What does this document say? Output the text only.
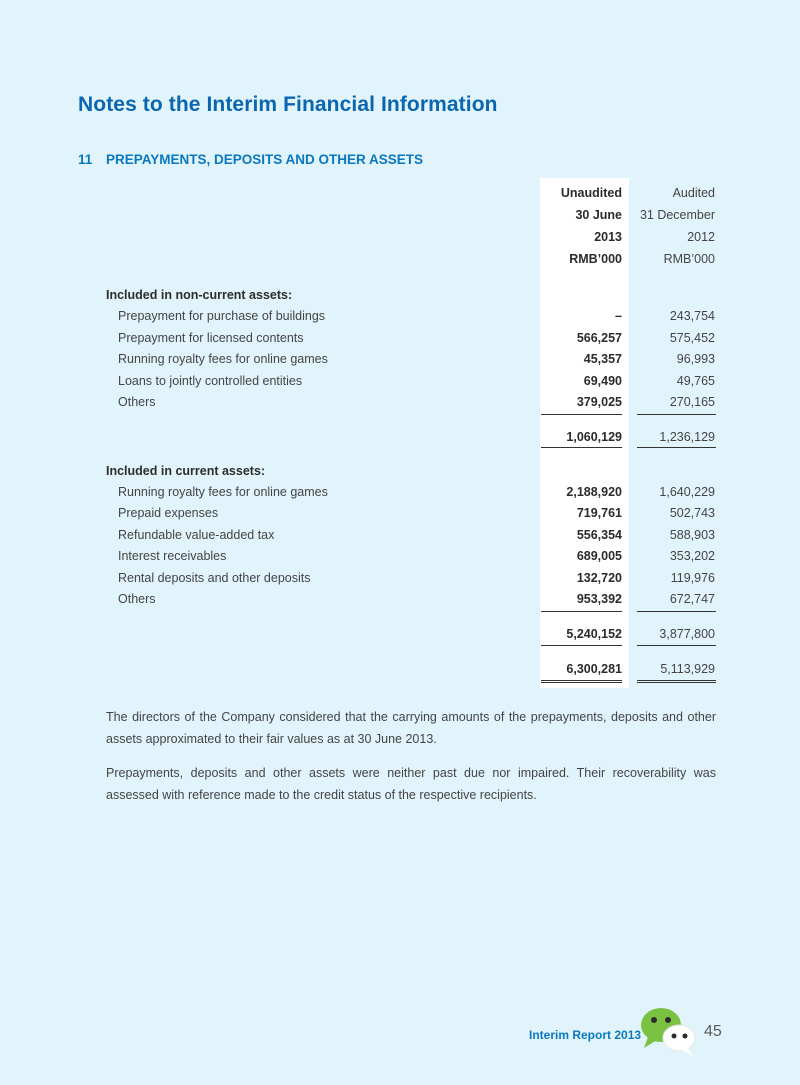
Notes to the Interim Financial Information
11 PREPAYMENTS, DEPOSITS AND OTHER ASSETS
Unaudited	Audited
30 June	31 December
2013	2012
RMB’000	RMB’000
Included in non-current assets:
Prepayment for purchase of buildings	–	243,754
Prepayment for licensed contents	566,257	575,452
Running royalty fees for online games	45,357	96,993
Loans to jointly controlled entities	69,490	49,765
Others	379,025	270,165
1,060,129	1,236,129
Included in current assets:
Running royalty fees for online games	2,188,920	1,640,229
Prepaid expenses	719,761	502,743
Refundable value-added tax	556,354	588,903
Interest receivables	689,005	353,202
Rental deposits and other deposits	132,720	119,976
Others	953,392	672,747
5,240,152	3,877,800
6,300,281	5,113,929
The directors of the Company considered that the carrying amounts of the prepayments, deposits and other assets approximated to their fair values as at 30 June 2013.
Prepayments, deposits and other assets were neither past due nor impaired. Their recoverability was assessed with reference made to the credit status of the respective recipients.
Interim Report 2013	45
